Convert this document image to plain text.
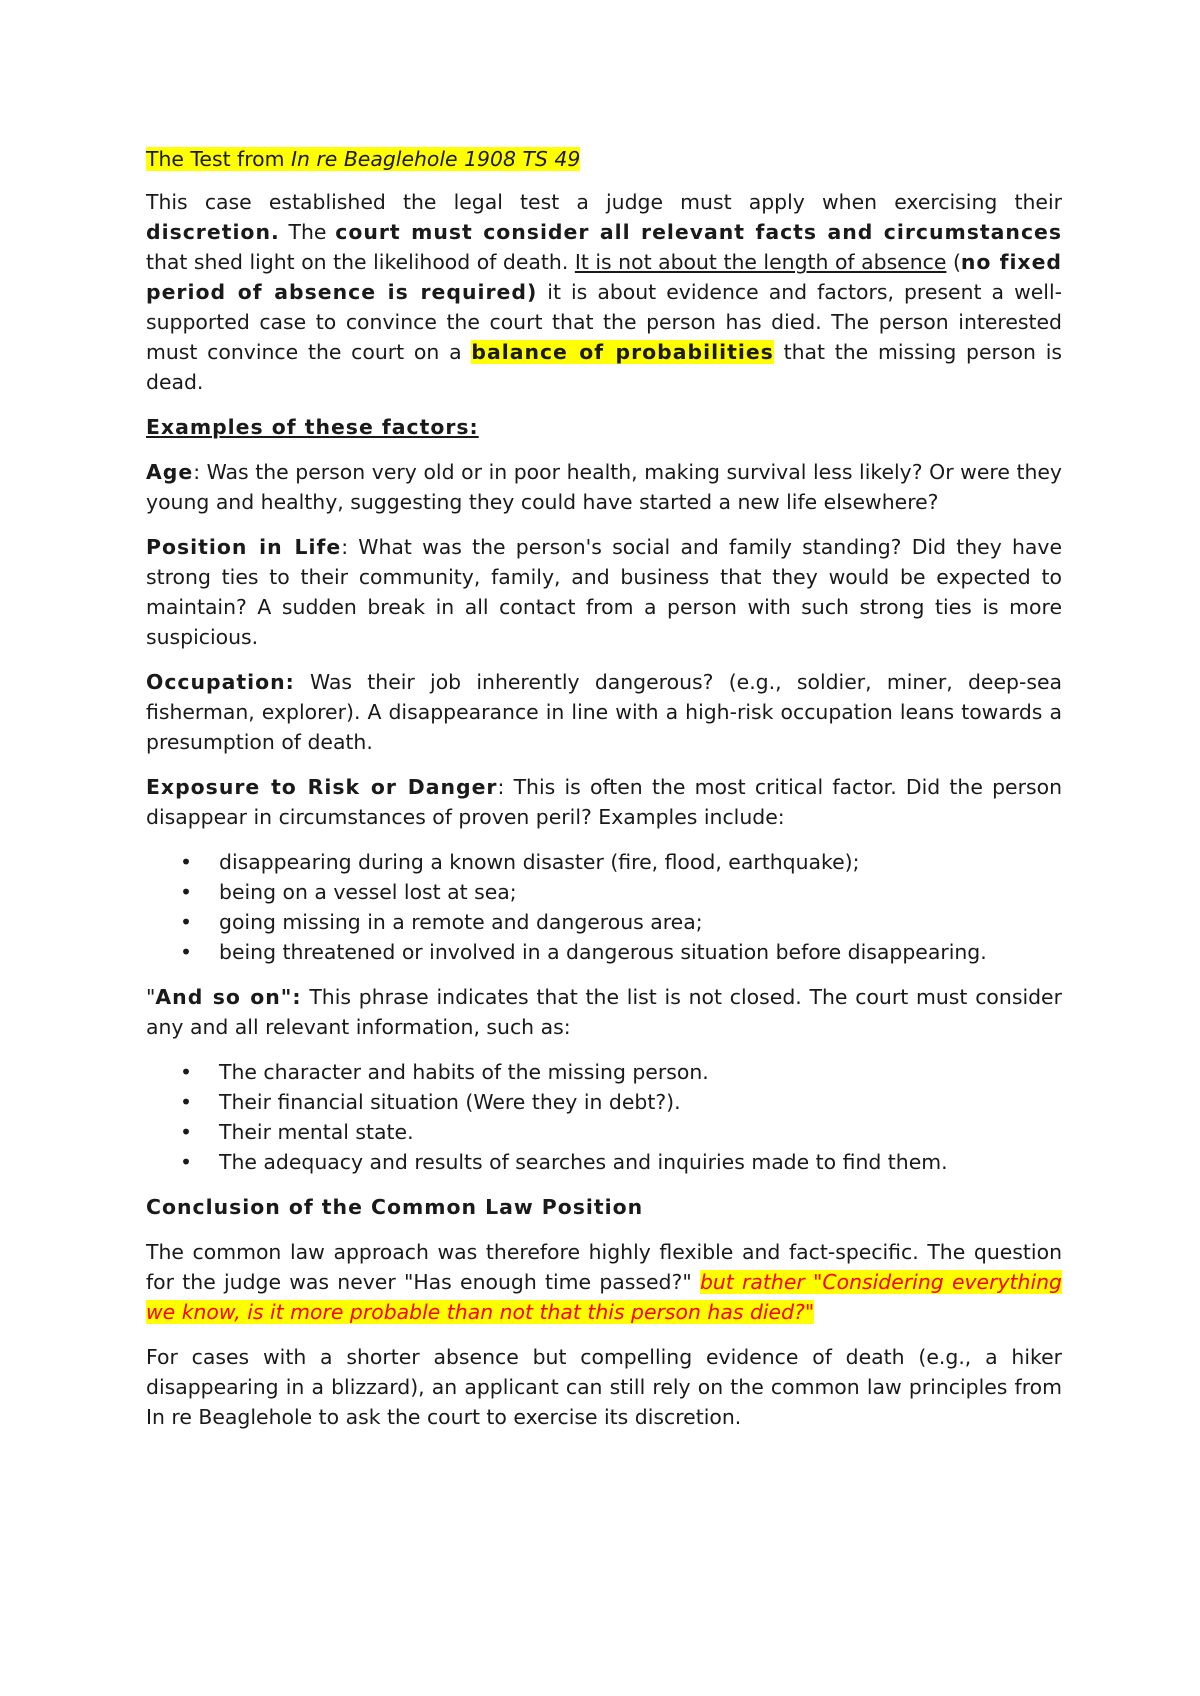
The Test from In re Beaglehole 1908 TS 49

This case established the legal test a judge must apply when exercising their discretion. The court must consider all relevant facts and circumstances that shed light on the likelihood of death. It is not about the length of absence (no fixed period of absence is required) it is about evidence and factors, present a well-supported case to convince the court that the person has died. The person interested must convince the court on a balance of probabilities that the missing person is dead.

Examples of these factors:

Age: Was the person very old or in poor health, making survival less likely? Or were they young and healthy, suggesting they could have started a new life elsewhere?

Position in Life: What was the person's social and family standing? Did they have strong ties to their community, family, and business that they would be expected to maintain? A sudden break in all contact from a person with such strong ties is more suspicious.

Occupation: Was their job inherently dangerous? (e.g., soldier, miner, deep-sea fisherman, explorer). A disappearance in line with a high-risk occupation leans towards a presumption of death.

Exposure to Risk or Danger: This is often the most critical factor. Did the person disappear in circumstances of proven peril? Examples include:

• disappearing during a known disaster (fire, flood, earthquake);
• being on a vessel lost at sea;
• going missing in a remote and dangerous area;
• being threatened or involved in a dangerous situation before disappearing.

"And so on": This phrase indicates that the list is not closed. The court must consider any and all relevant information, such as:

• The character and habits of the missing person.
• Their financial situation (Were they in debt?).
• Their mental state.
• The adequacy and results of searches and inquiries made to find them.

Conclusion of the Common Law Position

The common law approach was therefore highly flexible and fact-specific. The question for the judge was never "Has enough time passed?" but rather "Considering everything we know, is it more probable than not that this person has died?"

For cases with a shorter absence but compelling evidence of death (e.g., a hiker disappearing in a blizzard), an applicant can still rely on the common law principles from In re Beaglehole to ask the court to exercise its discretion.
